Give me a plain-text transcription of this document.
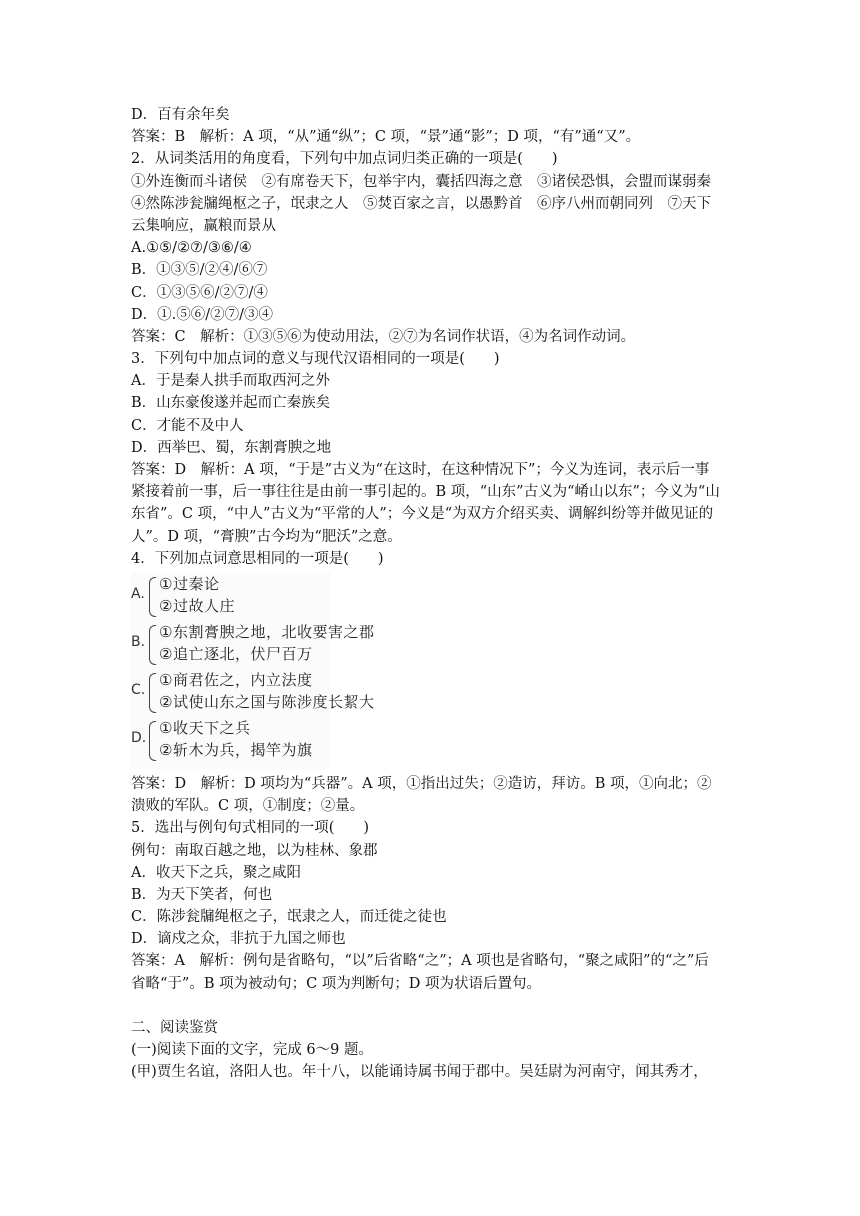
D．百有余年矣
答案：B　解析：A 项，“从”通“纵”；C 项，“景”通“影”；D 项，“有”通“又”。
2．从词类活用的角度看，下列句中加点词归类正确的一项是(　　)
①外连衡而斗诸侯　②有席卷天下，包举宇内，囊括四海之意　③诸侯恐惧，会盟而谋弱秦
④然陈涉瓮牖绳枢之子，氓隶之人　⑤焚百家之言，以愚黔首　⑥序八州而朝同列　⑦天下
云集响应，赢粮而景从
A.①⑤/②⑦/③⑥/④
B．①③⑤/②④/⑥⑦
C．①③⑤⑥/②⑦/④
D．①.⑤⑥/②⑦/③④
答案：C　解析：①③⑤⑥为使动用法，②⑦为名词作状语，④为名词作动词。
3．下列句中加点词的意义与现代汉语相同的一项是(　　)
A．于是秦人拱手而取西河之外
B．山东豪俊遂并起而亡秦族矣
C．才能不及中人
D．西举巴、蜀，东割膏腴之地
答案：D　解析：A 项，“于是”古义为“在这时，在这种情况下”；今义为连词，表示后一事
紧接着前一事，后一事往往是由前一事引起的。B 项，“山东”古义为“崤山以东”；今义为“山
东省”。C 项，“中人”古义为“平常的人”；今义是“为双方介绍买卖、调解纠纷等并做见证的
人”。D 项，“膏腴”古今均为“肥沃”之意。
4．下列加点词意思相同的一项是(　　)
A.
①过秦论
②过故人庄
B.
①东割膏腴之地，北收要害之郡
②追亡逐北，伏尸百万
C.
①商君佐之，内立法度
②试使山东之国与陈涉度长絜大
D.
①收天下之兵
②斩木为兵，揭竿为旗
答案：D　解析：D 项均为“兵器”。A 项，①指出过失；②造访，拜访。B 项，①向北；②
溃败的军队。C 项，①制度；②量。
5．选出与例句句式相同的一项(　　)
例句：南取百越之地，以为桂林、象郡
A．收天下之兵，聚之咸阳
B．为天下笑者，何也
C．陈涉瓮牖绳枢之子，氓隶之人，而迁徙之徒也
D．谪戍之众，非抗于九国之师也
答案：A　解析：例句是省略句，“以”后省略“之”；A 项也是省略句，“聚之咸阳”的“之”后
省略“于”。B 项为被动句；C 项为判断句；D 项为状语后置句。
二、阅读鉴赏
(一)阅读下面的文字，完成 6～9 题。
(甲)贾生名谊，洛阳人也。年十八，以能诵诗属书闻于郡中。吴廷尉为河南守，闻其秀才，
